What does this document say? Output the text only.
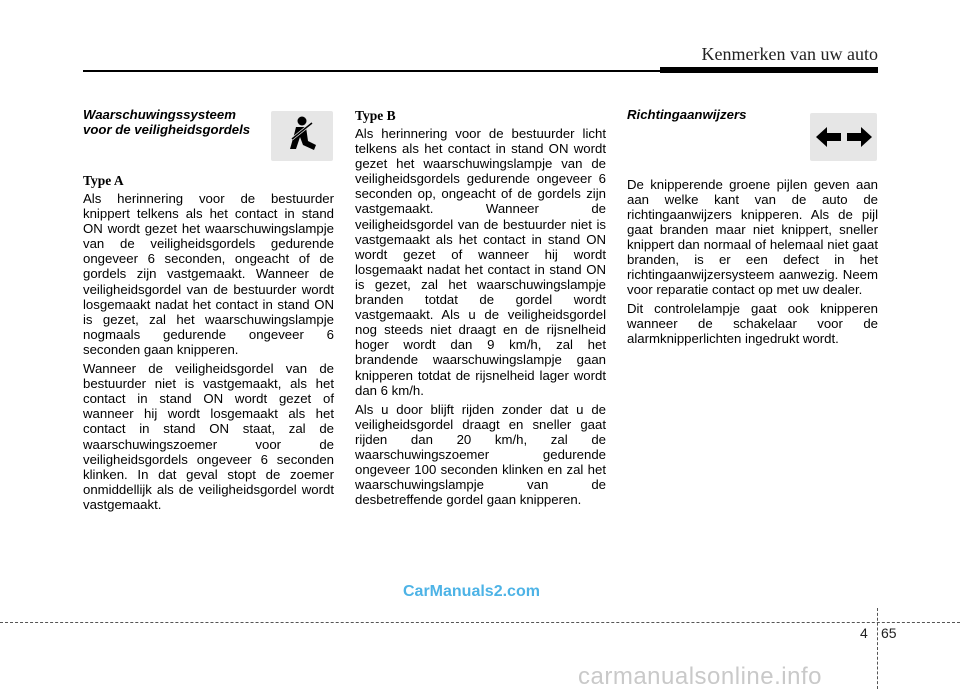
Kenmerken van uw auto
Waarschuwingssysteem
voor de veiligheidsgordels
Type A

Als herinnering voor de bestuurder knippert telkens als het contact in stand ON wordt gezet het waarschuwingslampje van de veiligheidsgordels gedurende ongeveer 6 seconden, ongeacht of de gordels zijn vastgemaakt. Wanneer de veiligheidsgordel van de bestuurder wordt losgemaakt nadat het contact in stand ON is gezet, zal het waarschuwingslampje nogmaals gedurende ongeveer 6 seconden gaan knipperen.

Wanneer de veiligheidsgordel van de bestuurder niet is vastgemaakt, als het contact in stand ON wordt gezet of wanneer hij wordt losgemaakt als het contact in stand ON staat, zal de waarschuwingszoemer voor de veiligheidsgordels ongeveer 6 seconden klinken. In dat geval stopt de zoemer onmiddellijk als de veiligheidsgordel wordt vastgemaakt.

Type B

Als herinnering voor de bestuurder licht telkens als het contact in stand ON wordt gezet het waarschuwingslampje van de veiligheidsgordels gedurende ongeveer 6 seconden op, ongeacht of de gordels zijn vastgemaakt. Wanneer de veiligheidsgordel van de bestuurder niet is vastgemaakt als het contact in stand ON wordt gezet of wanneer hij wordt losgemaakt nadat het contact in stand ON is gezet, zal het waarschuwingslampje branden totdat de gordel wordt vastgemaakt. Als u de veiligheidsgordel nog steeds niet draagt en de rijsnelheid hoger wordt dan 9 km/h, zal het brandende waarschuwingslampje gaan knipperen totdat de rijsnelheid lager wordt dan 6 km/h.

Als u door blijft rijden zonder dat u de veiligheidsgordel draagt en sneller gaat rijden dan 20 km/h, zal de waarschuwingszoemer gedurende ongeveer 100 seconden klinken en zal het waarschuwingslampje van de desbetreffende gordel gaan knipperen.

Richtingaanwijzers

De knipperende groene pijlen geven aan aan welke kant van de auto de richtingaanwijzers knipperen. Als de pijl gaat branden maar niet knippert, sneller knippert dan normaal of helemaal niet gaat branden, is er een defect in het richtingaanwijzersysteem aanwezig. Neem voor reparatie contact op met uw dealer.

Dit controlelampje gaat ook knipperen wanneer de schakelaar voor de alarmknipperlichten ingedrukt wordt.

CarManuals2.com
4 65
carmanualsonline.info
